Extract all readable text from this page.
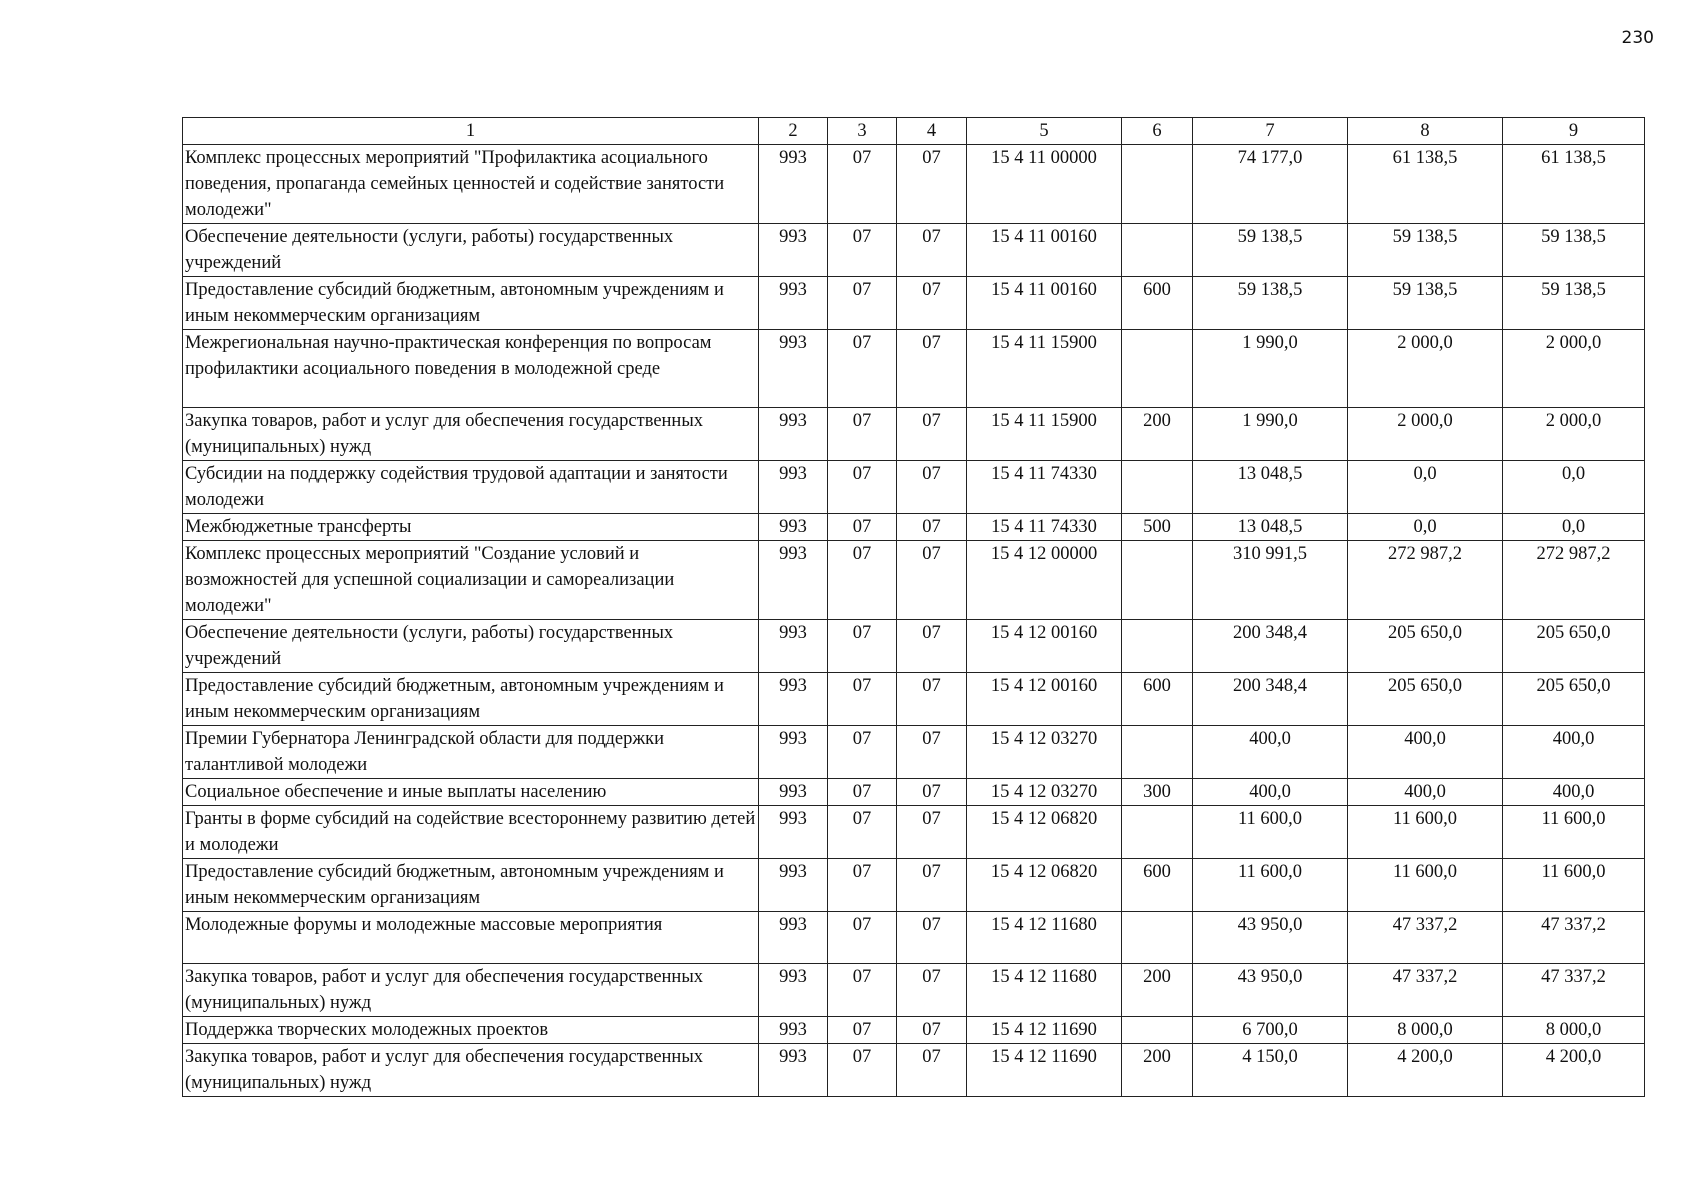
230
1	2	3	4	5	6	7	8	9
Комплекс процессных мероприятий "Профилактика асоциального поведения, пропаганда семейных ценностей и содействие занятости молодежи"	993	07	07	15 4 11 00000		74 177,0	61 138,5	61 138,5
Обеспечение деятельности (услуги, работы) государственных учреждений	993	07	07	15 4 11 00160		59 138,5	59 138,5	59 138,5
Предоставление субсидий бюджетным, автономным учреждениям и иным некоммерческим организациям	993	07	07	15 4 11 00160	600	59 138,5	59 138,5	59 138,5
Межрегиональная научно-практическая конференция по вопросам профилактики асоциального поведения в молодежной среде	993	07	07	15 4 11 15900		1 990,0	2 000,0	2 000,0
Закупка товаров, работ и услуг для обеспечения государственных (муниципальных) нужд	993	07	07	15 4 11 15900	200	1 990,0	2 000,0	2 000,0
Субсидии на поддержку содействия трудовой адаптации и занятости молодежи	993	07	07	15 4 11 74330		13 048,5	0,0	0,0
Межбюджетные трансферты	993	07	07	15 4 11 74330	500	13 048,5	0,0	0,0
Комплекс процессных мероприятий "Создание условий и возможностей для успешной социализации и самореализации молодежи"	993	07	07	15 4 12 00000		310 991,5	272 987,2	272 987,2
Обеспечение деятельности (услуги, работы) государственных учреждений	993	07	07	15 4 12 00160		200 348,4	205 650,0	205 650,0
Предоставление субсидий бюджетным, автономным учреждениям и иным некоммерческим организациям	993	07	07	15 4 12 00160	600	200 348,4	205 650,0	205 650,0
Премии Губернатора Ленинградской области для поддержки талантливой молодежи	993	07	07	15 4 12 03270		400,0	400,0	400,0
Социальное обеспечение и иные выплаты населению	993	07	07	15 4 12 03270	300	400,0	400,0	400,0
Гранты в форме субсидий на содействие всестороннему развитию детей и молодежи	993	07	07	15 4 12 06820		11 600,0	11 600,0	11 600,0
Предоставление субсидий бюджетным, автономным учреждениям и иным некоммерческим организациям	993	07	07	15 4 12 06820	600	11 600,0	11 600,0	11 600,0
Молодежные форумы и молодежные массовые мероприятия	993	07	07	15 4 12 11680		43 950,0	47 337,2	47 337,2
Закупка товаров, работ и услуг для обеспечения государственных (муниципальных) нужд	993	07	07	15 4 12 11680	200	43 950,0	47 337,2	47 337,2
Поддержка творческих молодежных проектов	993	07	07	15 4 12 11690		6 700,0	8 000,0	8 000,0
Закупка товаров, работ и услуг для обеспечения государственных (муниципальных) нужд	993	07	07	15 4 12 11690	200	4 150,0	4 200,0	4 200,0
